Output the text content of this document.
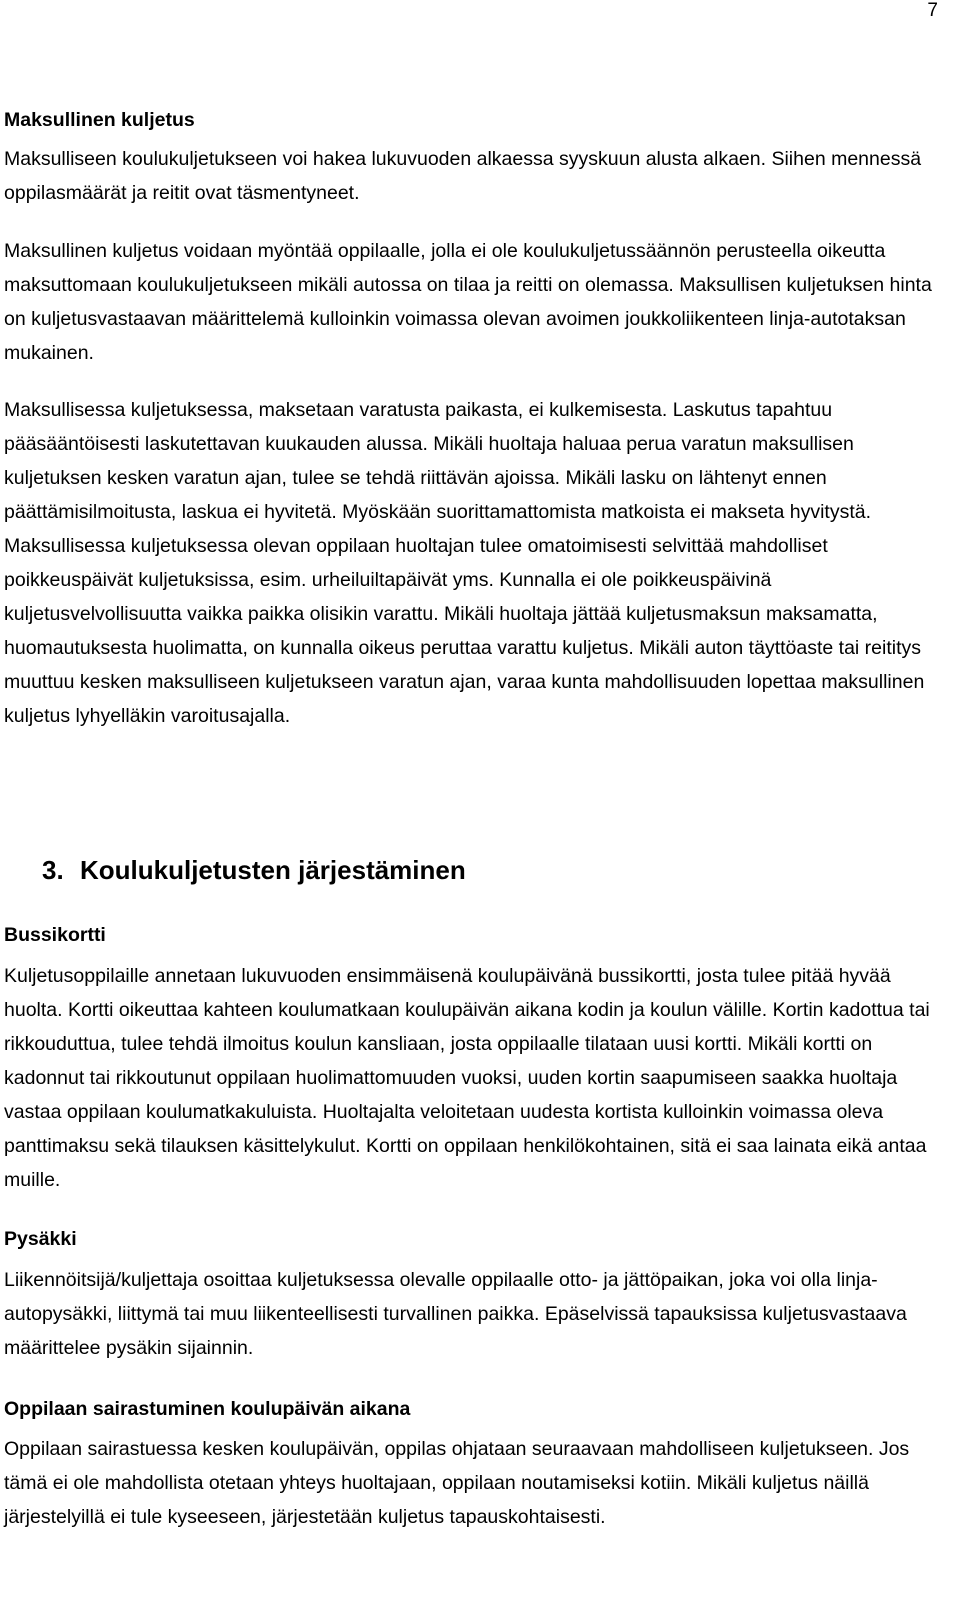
7
Maksullinen kuljetus

Maksulliseen koulukuljetukseen voi hakea lukuvuoden alkaessa syyskuun alusta alkaen. Siihen mennessä oppilasmäärät ja reitit ovat täsmentyneet.

Maksullinen kuljetus voidaan myöntää oppilaalle, jolla ei ole koulukuljetussäännön perusteella oikeutta maksuttomaan koulukuljetukseen mikäli autossa on tilaa ja reitti on olemassa. Maksullisen kuljetuksen hinta on kuljetusvastaavan määrittelemä kulloinkin voimassa olevan avoimen joukkoliikenteen linja-autotaksan mukainen.

Maksullisessa kuljetuksessa, maksetaan varatusta paikasta, ei kulkemisesta. Laskutus tapahtuu pääsääntöisesti laskutettavan kuukauden alussa. Mikäli huoltaja haluaa perua varatun maksullisen kuljetuksen kesken varatun ajan, tulee se tehdä riittävän ajoissa. Mikäli lasku on lähtenyt ennen päättämisilmoitusta, laskua ei hyvitetä. Myöskään suorittamattomista matkoista ei makseta hyvitystä. Maksullisessa kuljetuksessa olevan oppilaan huoltajan tulee omatoimisesti selvittää mahdolliset poikkeuspäivät kuljetuksissa, esim. urheiluiltapäivät yms. Kunnalla ei ole poikkeuspäivinä kuljetusvelvollisuutta vaikka paikka olisikin varattu. Mikäli huoltaja jättää kuljetusmaksun maksamatta, huomautuksesta huolimatta, on kunnalla oikeus peruttaa varattu kuljetus. Mikäli auton täyttöaste tai reititys muuttuu kesken maksulliseen kuljetukseen varatun ajan, varaa kunta mahdollisuuden lopettaa maksullinen kuljetus lyhyelläkin varoitusajalla.

3. Koulukuljetusten järjestäminen
Bussikortti

Kuljetusoppilaille annetaan lukuvuoden ensimmäisenä koulupäivänä bussikortti, josta tulee pitää hyvää huolta. Kortti oikeuttaa kahteen koulumatkaan koulupäivän aikana kodin ja koulun välille. Kortin kadottua tai rikkouduttua, tulee tehdä ilmoitus koulun kansliaan, josta oppilaalle tilataan uusi kortti. Mikäli kortti on kadonnut tai rikkoutunut oppilaan huolimattomuuden vuoksi, uuden kortin saapumiseen saakka huoltaja vastaa oppilaan koulumatkakuluista. Huoltajalta veloitetaan uudesta kortista kulloinkin voimassa oleva panttimaksu sekä tilauksen käsittelykulut. Kortti on oppilaan henkilökohtainen, sitä ei saa lainata eikä antaa muille.

Pysäkki

Liikennöitsijä/kuljettaja osoittaa kuljetuksessa olevalle oppilaalle otto- ja jättöpaikan, joka voi olla linja-autopysäkki, liittymä tai muu liikenteellisesti turvallinen paikka. Epäselvissä tapauksissa kuljetusvastaava määrittelee pysäkin sijainnin.

Oppilaan sairastuminen koulupäivän aikana

Oppilaan sairastuessa kesken koulupäivän, oppilas ohjataan seuraavaan mahdolliseen kuljetukseen. Jos tämä ei ole mahdollista otetaan yhteys huoltajaan, oppilaan noutamiseksi kotiin. Mikäli kuljetus näillä järjestelyillä ei tule kyseeseen, järjestetään kuljetus tapauskohtaisesti.
